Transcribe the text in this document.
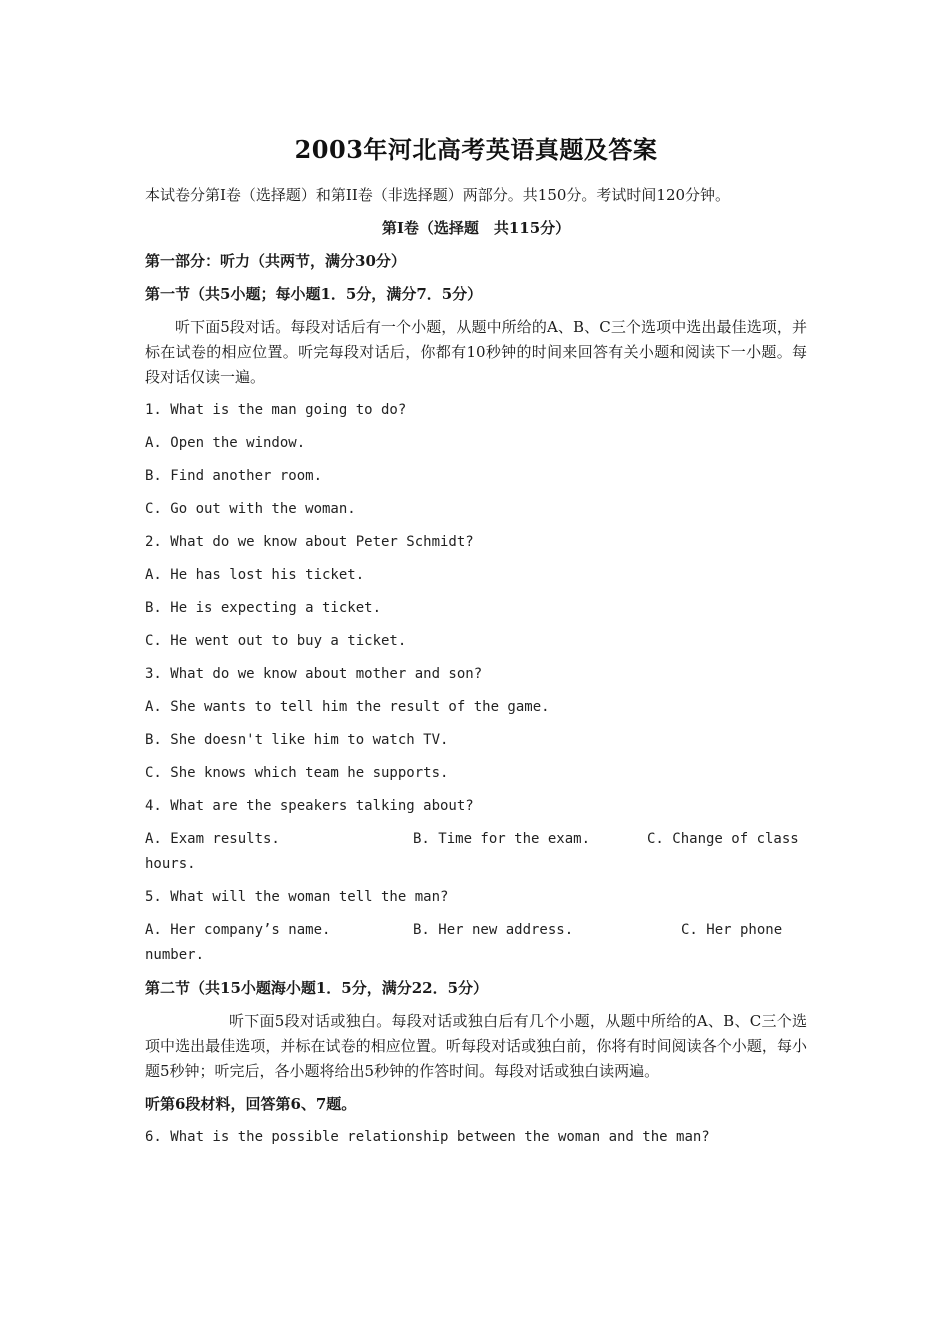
2003年河北高考英语真题及答案

本试卷分第Ⅰ卷（选择题）和第II卷（非选择题）两部分。共150分。考试时间120分钟。

第Ⅰ卷（选择题　共115分）

第一部分：听力（共两节，满分30分）

第一节（共5小题；每小题1．5分，满分7．5分）

听下面5段对话。每段对话后有一个小题，从题中所给的A、B、C三个选项中选出最佳选项，并标在试卷的相应位置。听完每段对话后，你都有10秒钟的时间来回答有关小题和阅读下一小题。每段对话仅读一遍。

1. What is the man going to do?

A. Open the window.

B. Find another room.

C. Go out with the woman.

2. What do we know about Peter Schmidt?

A. He has lost his ticket.

B. He is expecting a ticket.

C. He went out to buy a ticket.

3. What do we know about mother and son?

A. She wants to tell him the result of the game.

B. She doesn't like him to watch TV.

C. She knows which team he supports.

4. What are the speakers talking about?

A. Exam results.	B. Time for the exam.	C. Change of class
hours.

5. What will the woman tell the man?

A. Her company’s name.	B. Her new address.	C. Her phone
number.

第二节（共15小题海小题1．5分，满分22．5分）

听下面5段对话或独白。每段对话或独白后有几个小题，从题中所给的A、B、C三个选项中选出最佳选项，并标在试卷的相应位置。听每段对话或独白前，你将有时间阅读各个小题，每小题5秒钟；听完后，各小题将给出5秒钟的作答时间。每段对话或独白读两遍。

听第6段材料，回答第6、7题。

6. What is the possible relationship between the woman and the man?
